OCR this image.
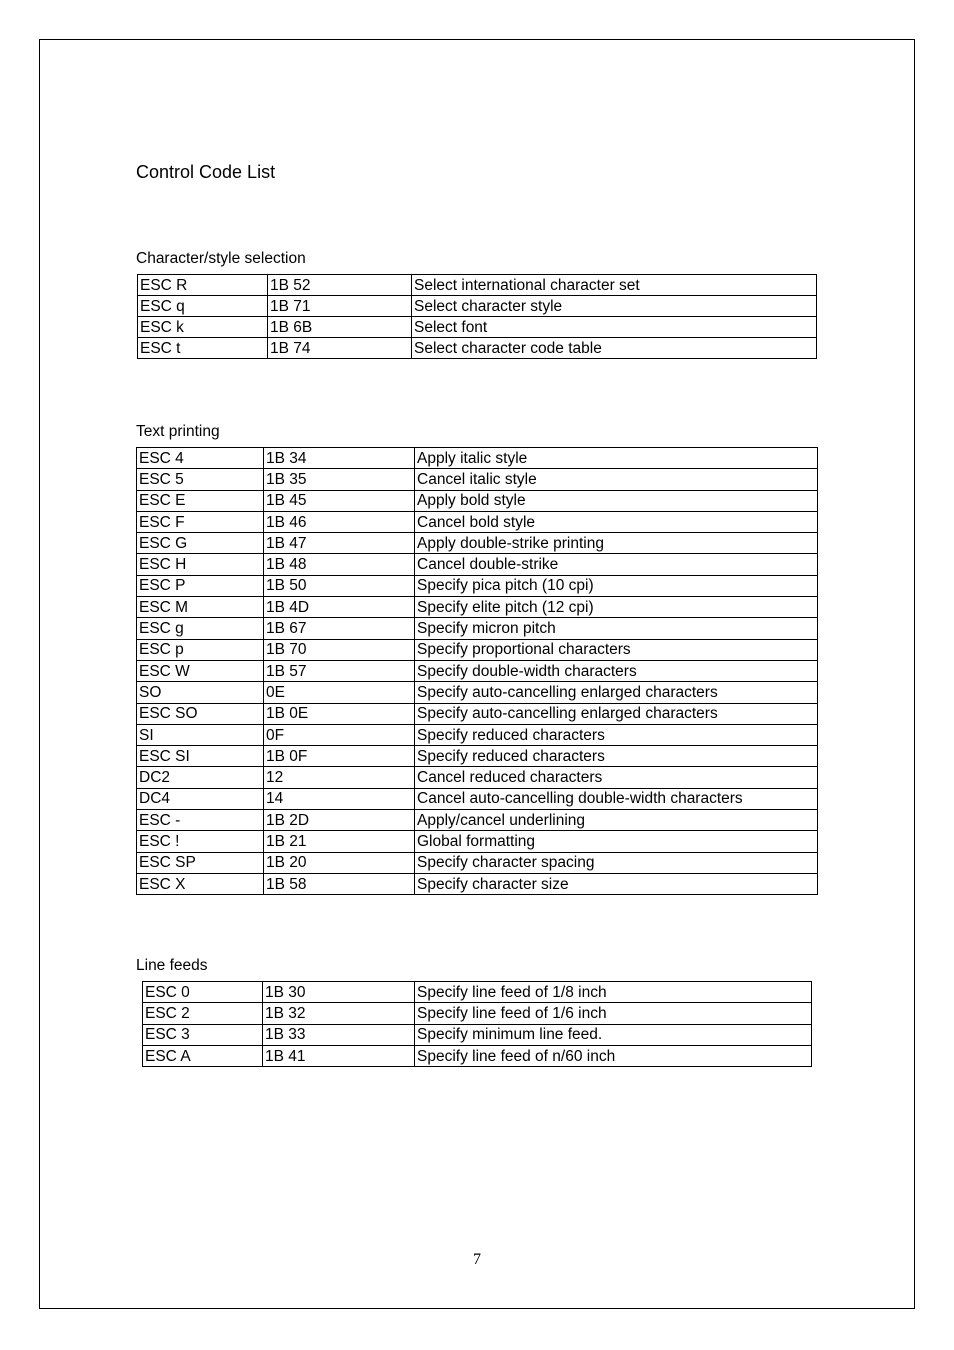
Control Code List
Character/style selection
ESC R	1B 52	Select international character set
ESC q	1B 71	Select character style
ESC k	1B 6B	Select font
ESC t	1B 74	Select character code table
Text printing
ESC 4	1B 34	Apply italic style
ESC 5	1B 35	Cancel italic style
ESC E	1B 45	Apply bold style
ESC F	1B 46	Cancel bold style
ESC G	1B 47	Apply double-strike printing
ESC H	1B 48	Cancel double-strike
ESC P	1B 50	Specify pica pitch (10 cpi)
ESC M	1B 4D	Specify elite pitch (12 cpi)
ESC g	1B 67	Specify micron pitch
ESC p	1B 70	Specify proportional characters
ESC W	1B 57	Specify double-width characters
SO	0E	Specify auto-cancelling enlarged characters
ESC SO	1B 0E	Specify auto-cancelling enlarged characters
SI	0F	Specify reduced characters
ESC SI	1B 0F	Specify reduced characters
DC2	12	Cancel reduced characters
DC4	14	Cancel auto-cancelling double-width characters
ESC -	1B 2D	Apply/cancel underlining
ESC !	1B 21	Global formatting
ESC SP	1B 20	Specify character spacing
ESC X	1B 58	Specify character size
Line feeds
ESC 0	1B 30	Specify line feed of 1/8 inch
ESC 2	1B 32	Specify line feed of 1/6 inch
ESC 3	1B 33	Specify minimum line feed.
ESC A	1B 41	Specify line feed of n/60 inch
7
